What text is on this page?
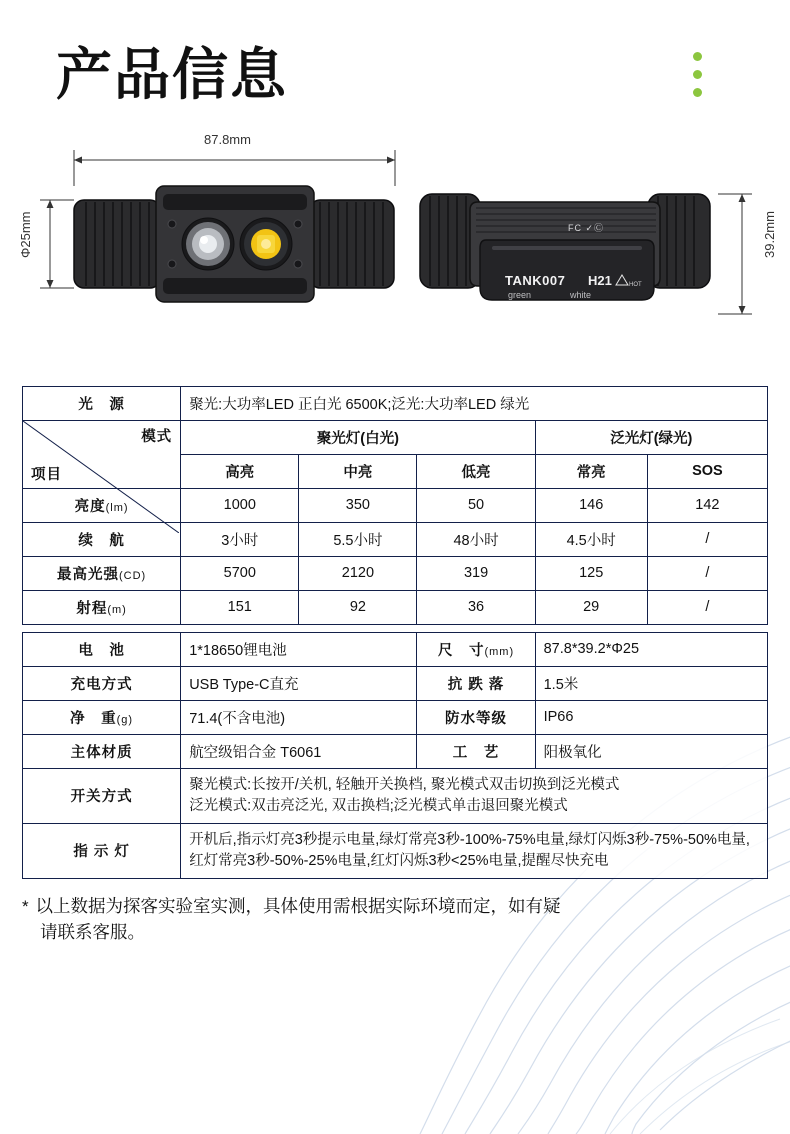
产品信息
87.8mm
Φ25mm	39.2mm
FC ✓Ⓒ
TANK007 H21	HOT
green	white
光　源	聚光:大功率LED 正白光 6500K;泛光:大功率LED 绿光				

模式
项目	聚光灯(白光)			泛光灯(绿光)	
	高亮	中亮	低亮	常亮	SOS
亮度(lm)	1000	350	50	146	142
续　航	3小时	5.5小时	48小时	4.5小时	/
最高光强(CD)	5700	2120	319	125	/
射程(m)	151	92	36	29	/

电　池	1*18650锂电池		尺　寸(mm)	87.8*39.2*Φ25	
充电方式	USB Type-C直充		抗 跌 落	1.5米	
净　重(g)	71.4(不含电池)		防水等级	IP66	
主体材质	航空级铝合金 T6061		工　艺	阳极氧化	
开关方式	聚光模式:长按开/关机, 轻触开关换档, 聚光模式双击切换到泛光模式
泛光模式:双击亮泛光, 双击换档;泛光模式单击退回聚光模式				

指 示 灯	开机后,指示灯亮3秒提示电量,绿灯常亮3秒-100%-75%电量,绿灯闪烁3秒-75%-50%电量,红灯常亮3秒-50%-25%电量,红灯闪烁3秒<25%电量,提醒尽快充电				
* 以上数据为探客实验室实测，具体使用需根据实际环境而定，如有疑
请联系客服。
